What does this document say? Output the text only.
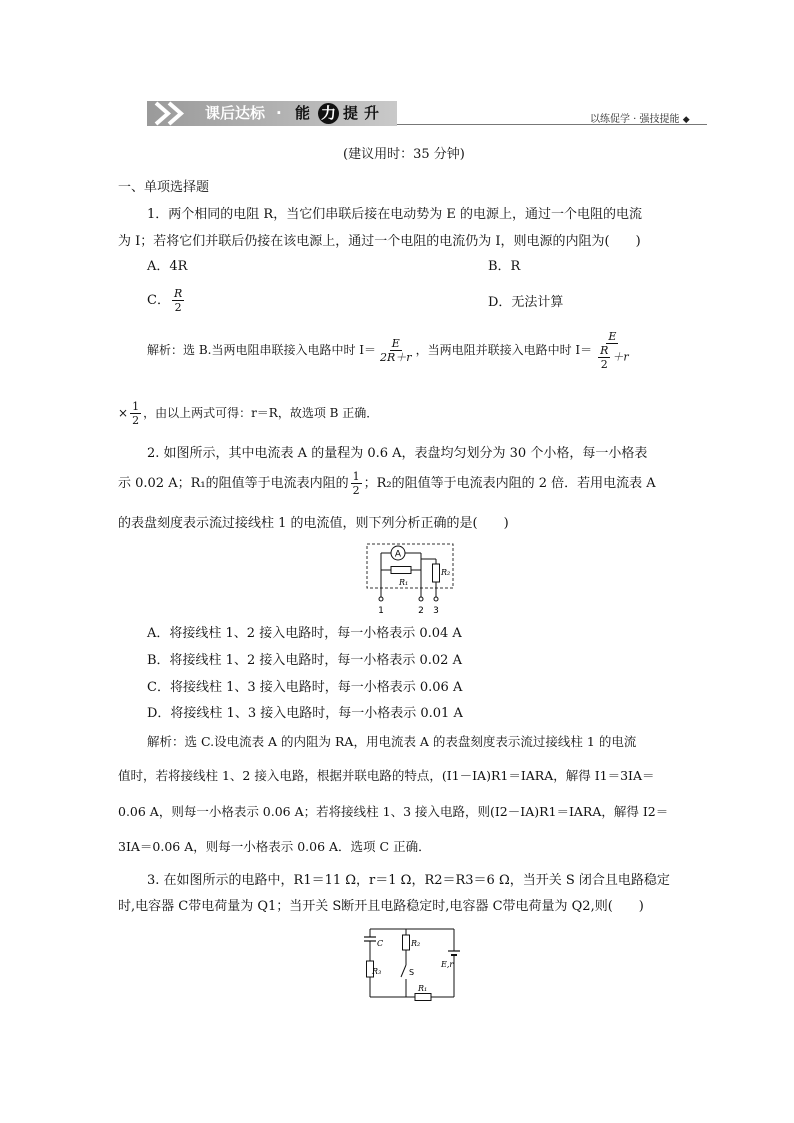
课后达标 · 能 力 提 升	以练促学 · 强技提能 ◆
(建议用时：35 分钟)
一、单项选择题
1．两个相同的电阻 R，当它们串联后接在电动势为 E 的电源上，通过一个电阻的电流
为 I；若将它们并联后仍接在该电源上，通过一个电阻的电流仍为 I，则电源的内阻为(　　)
A．4R	B．R
C． $\frac{R}{2}$	D．无法计算
解析：选 B.当两电阻串联接入电路中时 $I= \frac{E}{2R+r}$ ，当两电阻并联接入电路中时 $I= \frac{E}{\frac{R}{2} +r}$
× $\frac{1}{2}$ ，由以上两式可得：r＝R，故选项 B 正确．
2. 如图所示，其中电流表 A 的量程为 0.6 A，表盘均匀划分为 30 个小格，每一小格表
示 0.02 A；R₁的阻值等于电流表内阻的 $\frac{1}{2}$ ；R₂的阻值等于电流表内阻的 2 倍．若用电流表 A
的表盘刻度表示流过接线柱 1 的电流值，则下列分析正确的是(　　)
A
R₁
R₂
1	2 3
A．将接线柱 1、2 接入电路时，每一小格表示 0.04 A
B．将接线柱 1、2 接入电路时，每一小格表示 0.02 A
C．将接线柱 1、3 接入电路时，每一小格表示 0.06 A
D．将接线柱 1、3 接入电路时，每一小格表示 0.01 A
解析：选 C.设电流表 A 的内阻为 RA，用电流表 A 的表盘刻度表示流过接线柱 1 的电流
值时，若将接线柱 1、2 接入电路，根据并联电路的特点，(I1－IA)R1＝IARA，解得 I1＝3IA＝
0.06 A，则每一小格表示 0.06 A；若将接线柱 1、3 接入电路，则(I2－IA)R1＝IARA，解得 I2＝
3IA＝0.06 A，则每一小格表示 0.06 A．选项 C 正确．
3. 在如图所示的电路中，R1＝11 Ω，r＝1 Ω，R2＝R3＝6 Ω，当开关 S 闭合且电路稳定
时,电容器 C带电荷量为 Q1；当开关 S断开且电路稳定时,电容器 C带电荷量为 Q2,则(　　)
C
R₃
R₂
S
R₁
E,r
